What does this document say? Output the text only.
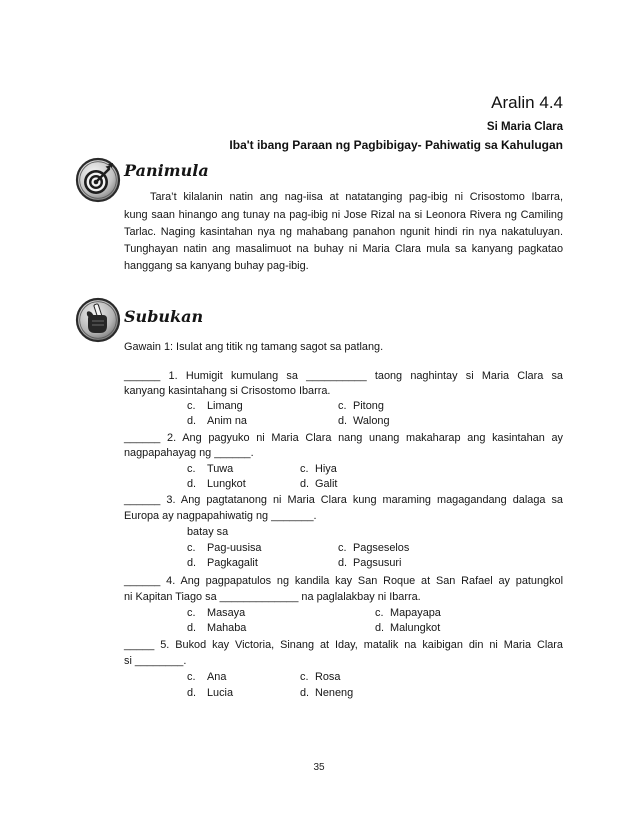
Aralin 4.4
Si Maria Clara
Iba't ibang Paraan ng Pagbibigay- Pahiwatig sa Kahulugan
Panimula
Tara’t kilalanin natin ang nag-iisa at natatanging pag-ibig ni Crisostomo Ibarra,
kung saan hinango ang tunay na pag-ibig ni Jose Rizal na si Leonora Rivera ng Camiling
Tarlac. Naging kasintahan nya ng mahabang panahon ngunit hindi rin nya nakatuluyan.
Tunghayan natin ang masalimuot na buhay ni Maria Clara mula sa kanyang pagkatao
hanggang sa kanyang buhay pag-ibig.
Subukan
Gawain 1: Isulat ang titik ng tamang sagot sa patlang.
______ 1. Humigit kumulang sa __________ taong naghintay si Maria Clara sa
kanyang kasintahang si Crisostomo Ibarra.
c. Limang	c. Pitong
d. Anim na	d. Walong
______ 2. Ang pagyuko ni Maria Clara nang unang makaharap ang kasintahan ay
nagpapahayag ng ______.
c. Tuwa	c. Hiya
d. Lungkot	d. Galit
______ 3. Ang pagtatanong ni Maria Clara kung maraming magagandang dalaga sa
Europa ay nagpapahiwatig ng _______.
batay sa
c. Pag-uusisa	c. Pagseselos
d. Pagkagalit	d. Pagsusuri
______ 4. Ang pagpapatulos ng kandila kay San Roque at San Rafael ay patungkol
ni Kapitan Tiago sa _____________ na paglalakbay ni Ibarra.
c. Masaya	c. Mapayapa
d. Mahaba	d. Malungkot
_____ 5. Bukod kay Victoria, Sinang at Iday, matalik na kaibigan din ni Maria Clara
si ________.
c. Ana	c. Rosa
d. Lucia	d. Neneng
35
